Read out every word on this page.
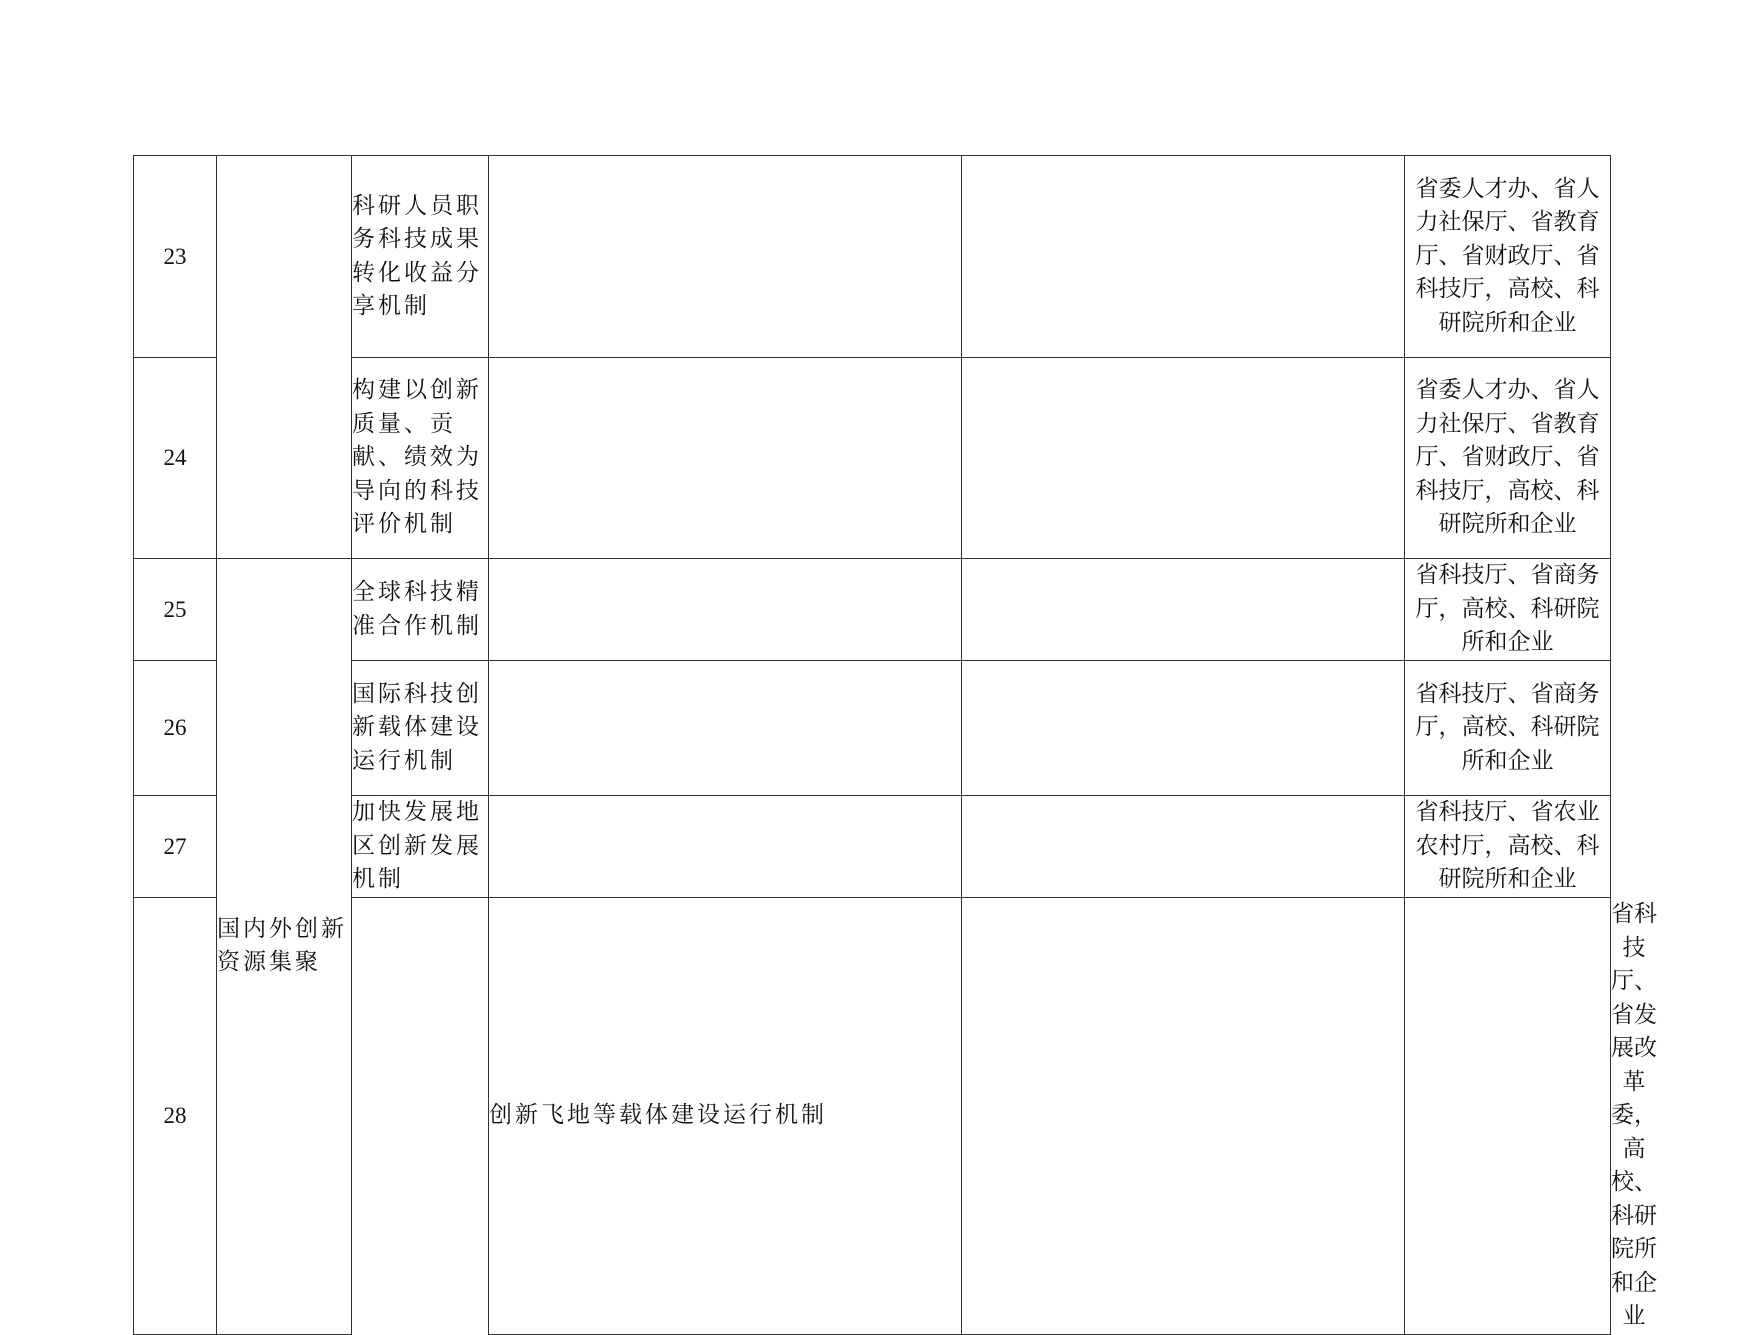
23		科研人员职务科技成果转化收益分享机制			省委人才办、省人力社保厅、省教育厅、省财政厅、省科技厅，高校、科研院所和企业	
24		构建以创新质量、贡献、绩效为导向的科技评价机制			省委人才办、省人力社保厅、省教育厅、省财政厅、省科技厅，高校、科研院所和企业	
25	国内外创新资源集聚	全球科技精准合作机制			省科技厅、省商务厅，高校、科研院所和企业	
26		国际科技创新载体建设运行机制			省科技厅、省商务厅，高校、科研院所和企业	
27		加快发展地区创新发展机制			省科技厅、省农业农村厅，高校、科研院所和企业	
28			创新飞地等载体建设运行机制			省科技厅、省发展改革委，高校、科研院所和企业
